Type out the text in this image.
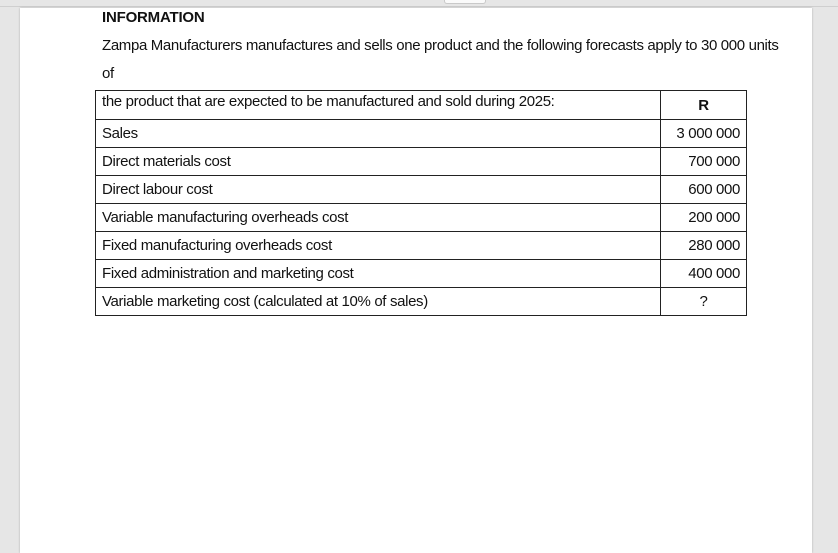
INFORMATION

Zampa Manufacturers manufactures and sells one product and the following forecasts apply to 30 000 units of
the product that are expected to be manufactured and sold during 2025:

		R
Sales	3 000 000
Direct materials cost	700 000
Direct labour cost	600 000
Variable manufacturing overheads cost	200 000
Fixed manufacturing overheads cost	280 000
Fixed administration and marketing cost	400 000
Variable marketing cost (calculated at 10% of sales)	?
